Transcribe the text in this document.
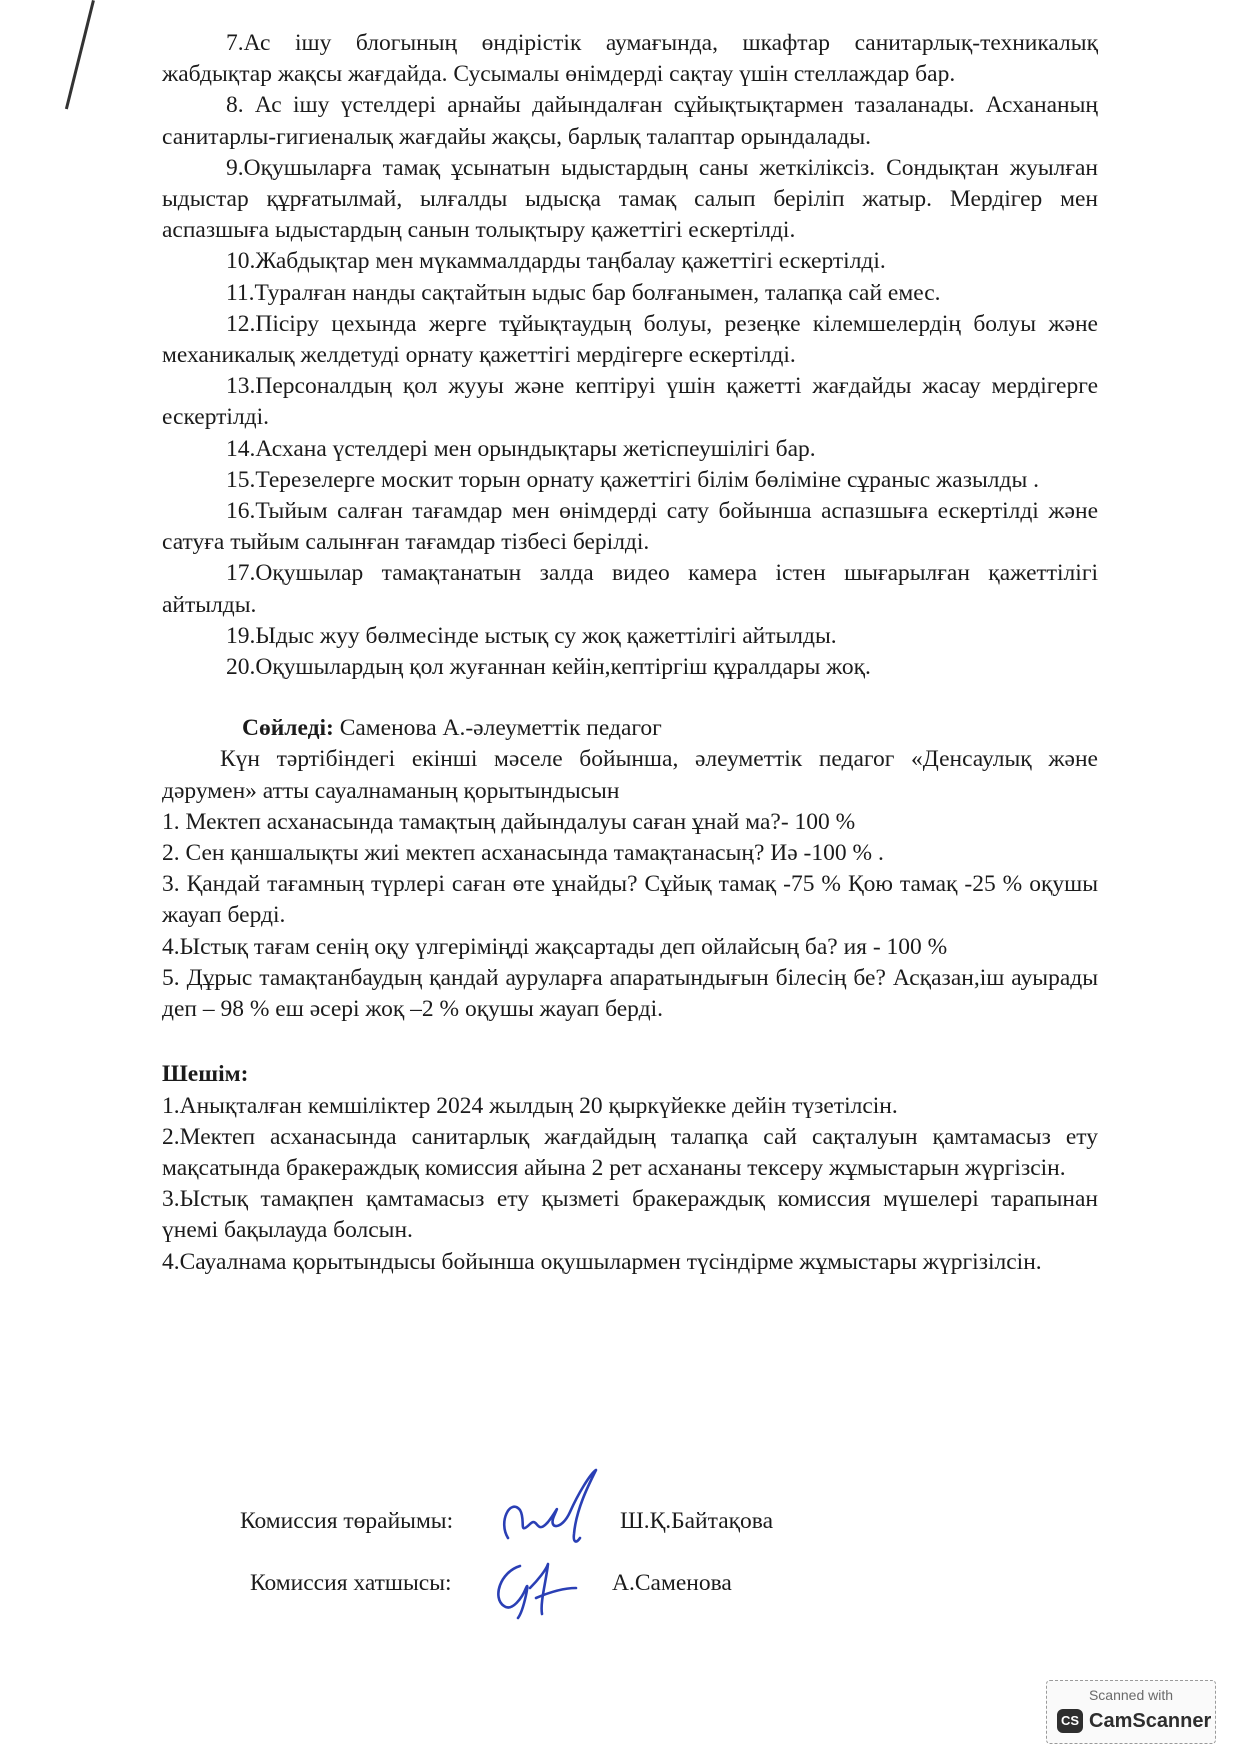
7.Ас ішу блогының өндірістік аумағында, шкафтар санитарлық-техникалық жабдықтар жақсы жағдайда. Сусымалы өнімдерді сақтау үшін стеллаждар бар.

8. Ас ішу үстелдері арнайы дайындалған сұйықтықтармен тазаланады. Асхананың санитарлы-гигиеналық жағдайы жақсы, барлық талаптар орындалады.

9.Оқушыларға тамақ ұсынатын ыдыстардың саны жеткіліксіз. Сондықтан жуылған ыдыстар құрғатылмай, ылғалды ыдысқа тамақ салып беріліп жатыр. Мердігер мен аспазшыға ыдыстардың санын толықтыру қажеттігі ескертілді.

10.Жабдықтар мен мүкаммалдарды таңбалау қажеттігі ескертілді.

11.Туралған нанды сақтайтын ыдыс бар болғанымен, талапқа сай емес.

12.Пісіру цехында жерге тұйықтаудың болуы, резеңке кілемшелердің болуы және механикалық желдетуді орнату қажеттігі мердігерге ескертілді.

13.Персоналдың қол жууы және кептіруі үшін қажетті жағдайды жасау мердігерге ескертілді.

14.Асхана үстелдері мен орындықтары жетіспеушілігі бар.

15.Терезелерге москит торын орнату қажеттігі білім бөліміне сұраныс жазылды .

16.Тыйым салған тағамдар мен өнімдерді сату бойынша аспазшыға ескертілді және сатуға тыйым салынған тағамдар тізбесі берілді.

17.Оқушылар тамақтанатын залда видео камера істен шығарылған қажеттілігі айтылды.

19.Ыдыс жуу бөлмесінде ыстық су жоқ қажеттілігі айтылды.

20.Оқушылардың қол жуғаннан кейін,кептіргіш құралдары жоқ.

Сөйледі: Саменова А.-әлеуметтік педагог

Күн тәртібіндегі екінші мәселе бойынша, әлеуметтік педагог «Денсаулық және дәрумен» атты сауалнаманың қорытындысын

1. Мектеп асханасында тамақтың дайындалуы саған ұнай ма?- 100 %

2. Сен қаншалықты жиі мектеп асханасында тамақтанасың? Иә -100 % .

3. Қандай тағамның түрлері саған өте ұнайды? Сұйық тамақ -75 % Қою тамақ -25 % оқушы жауап берді.

4.Ыстық тағам сенің оқу үлгеріміңді жақсартады деп ойлайсың ба? ия - 100 %

5. Дұрыс тамақтанбаудың қандай ауруларға апаратындығын білесің бе? Асқазан,іш ауырады деп – 98 % еш әсері жоқ –2 % оқушы жауап берді.

Шешім:

1.Анықталған кемшіліктер 2024 жылдың 20 қыркүйекке дейін түзетілсін.

2.Мектеп асханасында санитарлық жағдайдың талапқа сай сақталуын қамтамасыз ету мақсатында бракераждық комиссия айына 2 рет асхананы тексеру жұмыстарын жүргізсін.

3.Ыстық тамақпен қамтамасыз ету қызметі бракераждық комиссия мүшелері тарапынан үнемі бақылауда болсын.

4.Сауалнама қорытындысы бойынша оқушылармен түсіндірме жұмыстары жүргізілсін.

Комиссия төрайымы:	Ш.Қ.Байтақова
Комиссия хатшысы:	А.Саменова
Scanned with
CS CamScanner
